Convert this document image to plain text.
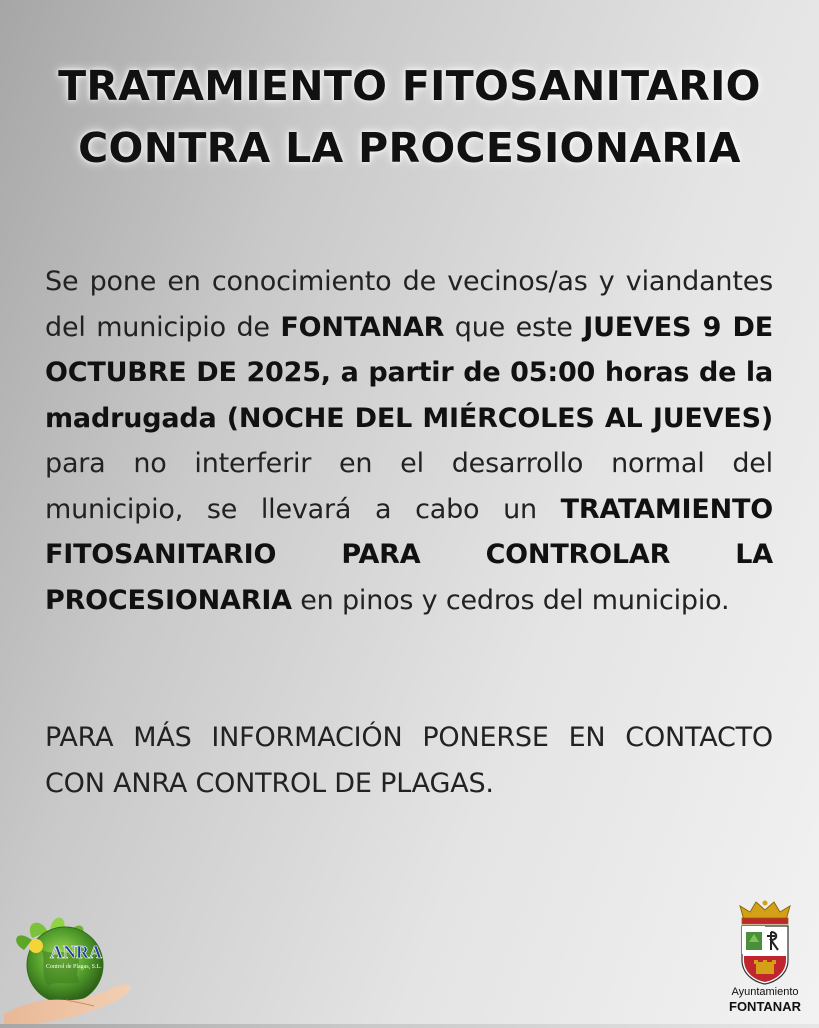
TRATAMIENTO FITOSANITARIO
CONTRA LA PROCESIONARIA

Se pone en conocimiento de vecinos/as y viandantes del municipio de FONTANAR que este JUEVES 9 DE OCTUBRE DE 2025, a partir de 05:00 horas de la madrugada (NOCHE DEL MIÉRCOLES AL JUEVES) para no interferir en el desarrollo normal del municipio, se llevará a cabo un TRATAMIENTO FITOSANITARIO PARA CONTROLAR LA PROCESIONARIA en pinos y cedros del municipio.

PARA MÁS INFORMACIÓN PONERSE EN CONTACTO CON ANRA CONTROL DE PLAGAS.
ANRA
Control de Plagas, S.L.
Ayuntamiento
FONTANAR
